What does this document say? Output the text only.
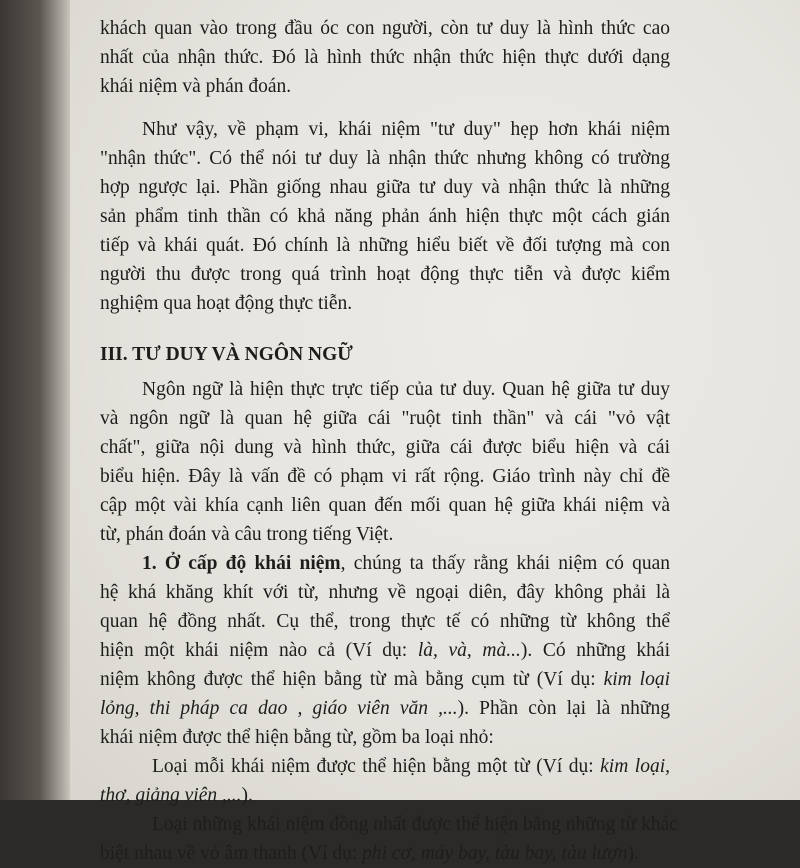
khách quan vào trong đầu óc con người, còn tư duy là hình thức cao
nhất của nhận thức. Đó là hình thức nhận thức hiện thực dưới dạng
khái niệm và phán đoán.
Như vậy, về phạm vi, khái niệm "tư duy" hẹp hơn khái niệm
"nhận thức". Có thể nói tư duy là nhận thức nhưng không có trường
hợp ngược lại. Phần giống nhau giữa tư duy và nhận thức là những
sản phẩm tinh thần có khả năng phản ánh hiện thực một cách gián
tiếp và khái quát. Đó chính là những hiểu biết về đối tượng mà con
người thu được trong quá trình hoạt động thực tiễn và được kiểm
nghiệm qua hoạt động thực tiễn.
III. TƯ DUY VÀ NGÔN NGỮ
Ngôn ngữ là hiện thực trực tiếp của tư duy. Quan hệ giữa tư duy
và ngôn ngữ là quan hệ giữa cái "ruột tinh thần" và cái "vỏ vật
chất", giữa nội dung và hình thức, giữa cái được biểu hiện và cái
biểu hiện. Đây là vấn đề có phạm vi rất rộng. Giáo trình này chỉ đề
cập một vài khía cạnh liên quan đến mối quan hệ giữa khái niệm và
từ, phán đoán và câu trong tiếng Việt.
1. Ở cấp độ khái niệm, chúng ta thấy rằng khái niệm có quan
hệ khá khăng khít với từ, nhưng về ngoại diên, đây không phải là
quan hệ đồng nhất. Cụ thể, trong thực tế có những từ không thể
hiện một khái niệm nào cả (Ví dụ: là, và, mà...). Có những khái
niệm không được thể hiện bằng từ mà bằng cụm từ (Ví dụ: kim loại
lỏng, thi pháp ca dao , giáo viên văn ,...). Phần còn lại là những
khái niệm được thể hiện bằng từ, gồm ba loại nhỏ:
Loại mỗi khái niệm được thể hiện bằng một từ (Ví dụ: kim loại,
thơ, giảng viên ,...).
Loại những khái niệm đồng nhất được thể hiện bằng những từ khác
biệt nhau về vỏ âm thanh (Ví dụ: phi cơ, máy bay, tàu bay, tàu lượn).
